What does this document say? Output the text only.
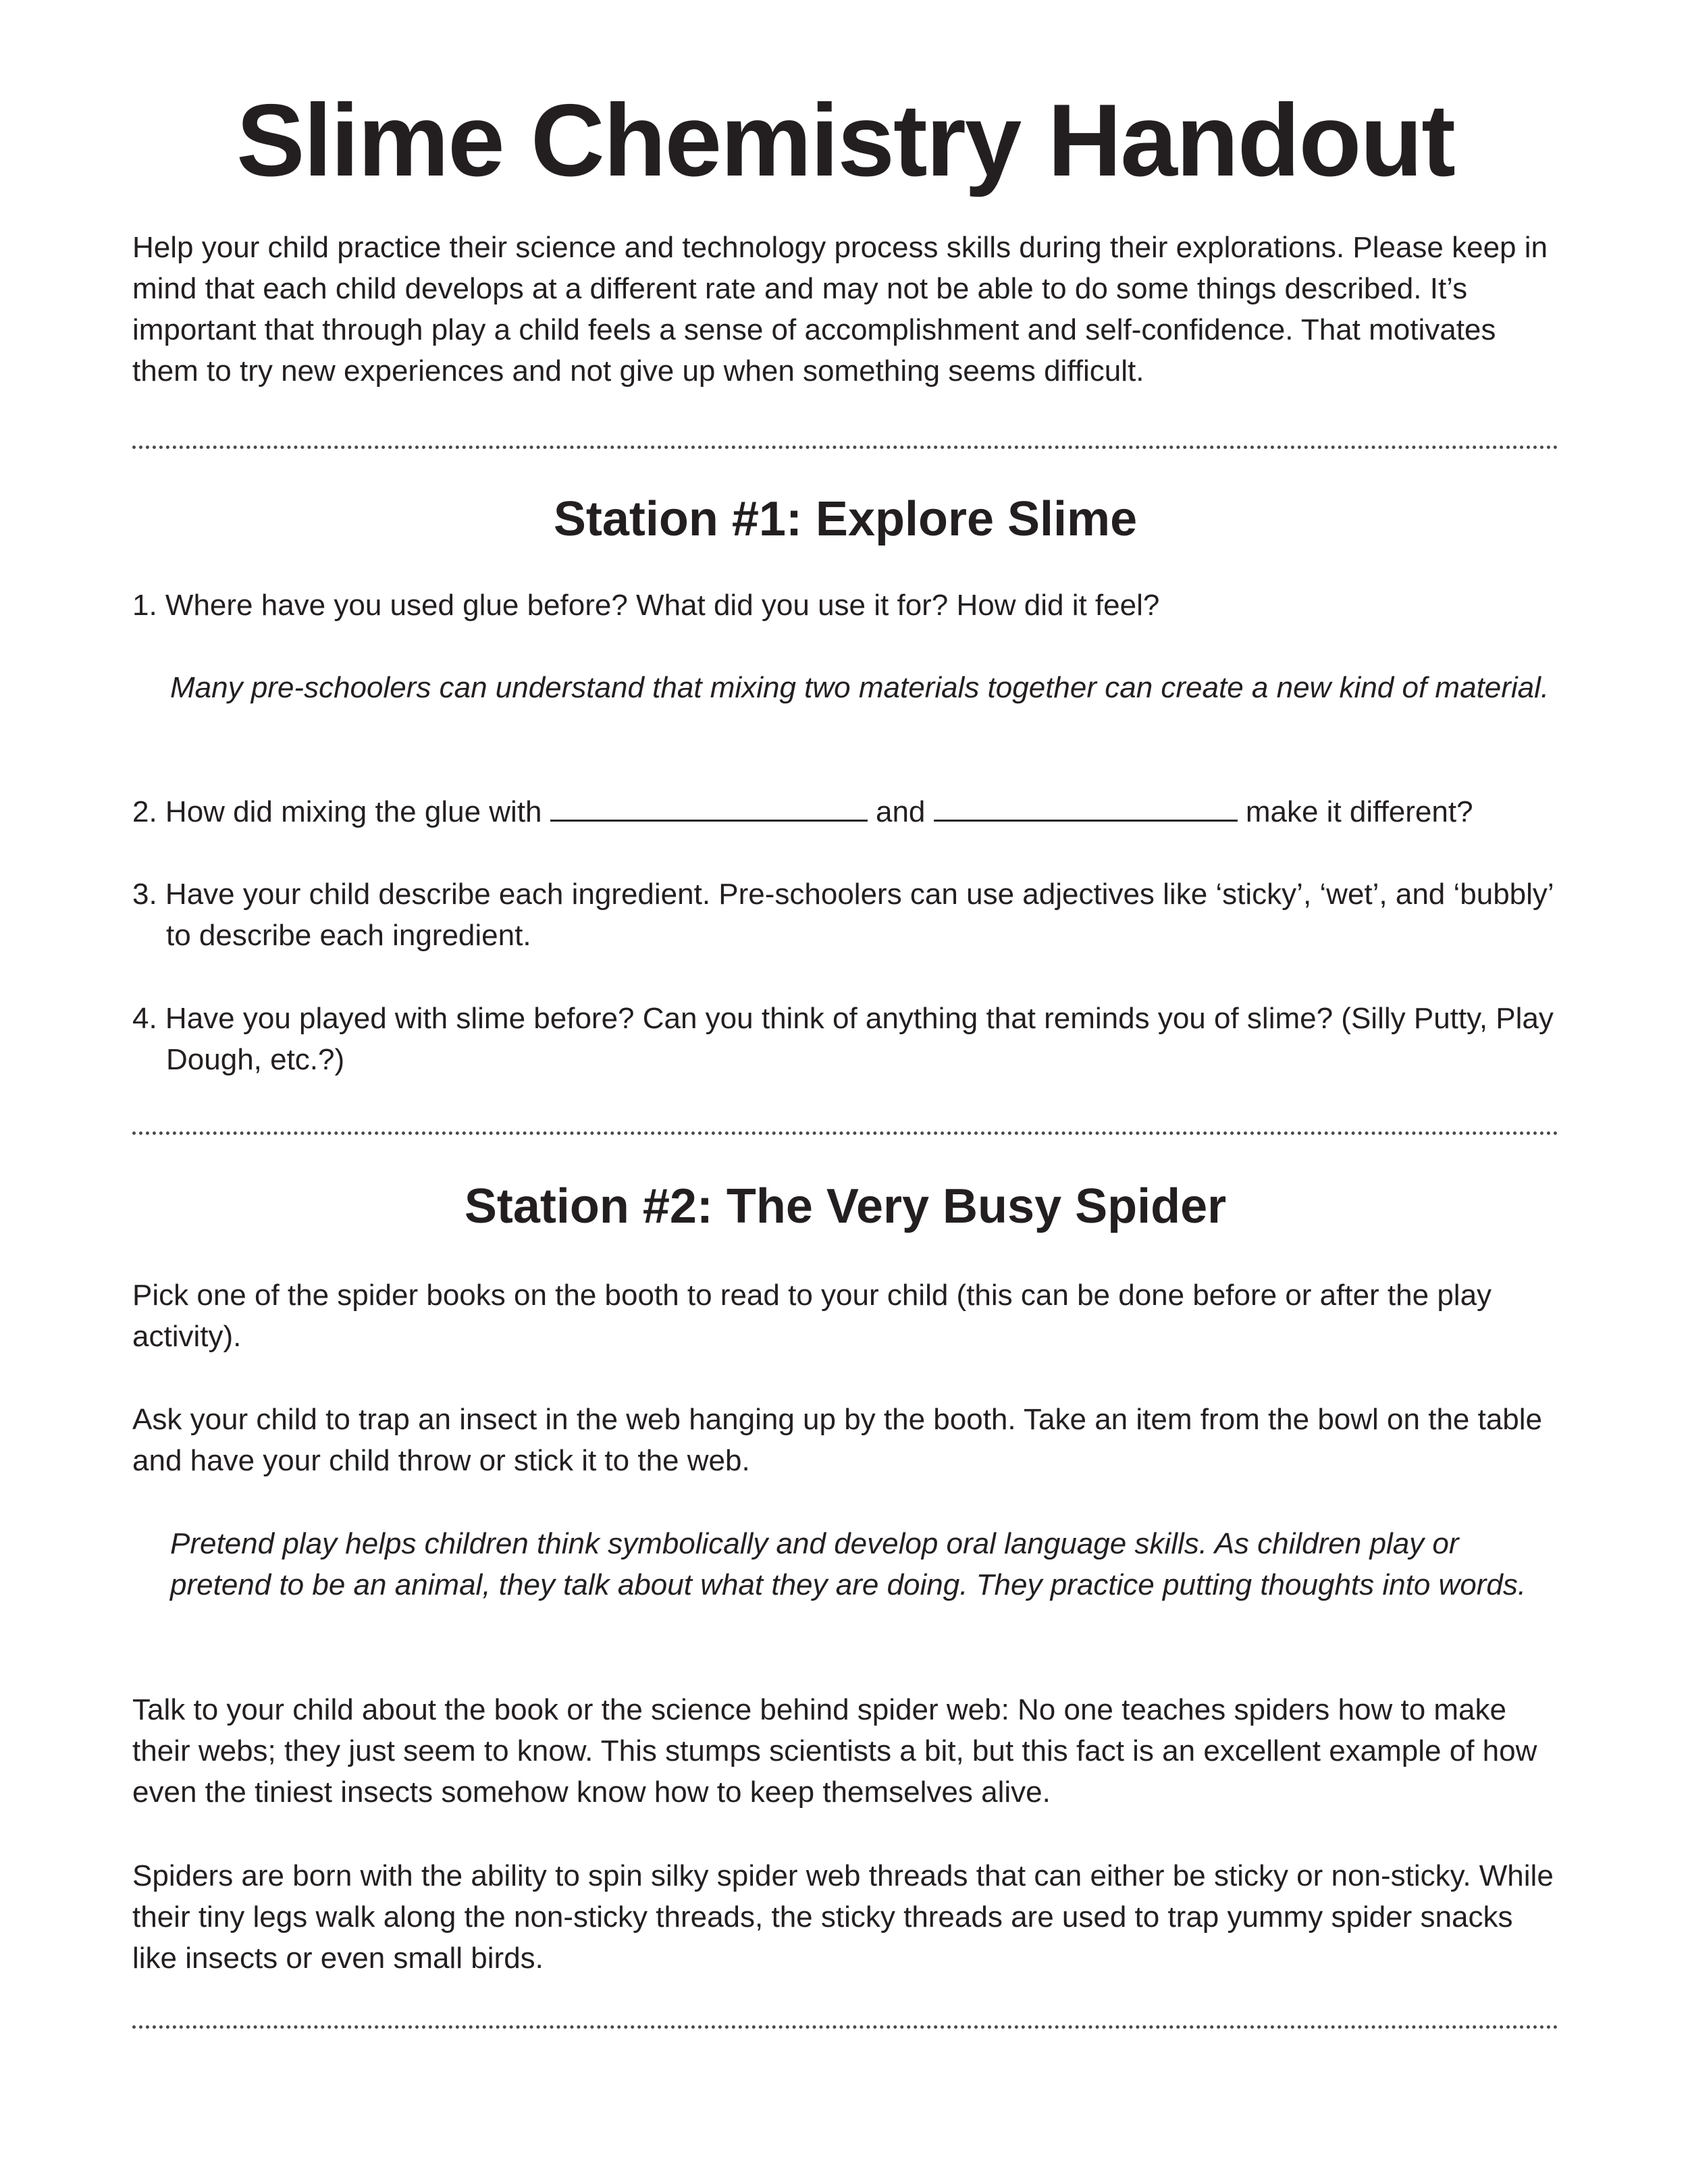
Slime Chemistry Handout

Help your child practice their science and technology process skills during their explorations. Please keep in mind that each child develops at a different rate and may not be able to do some things described. It’s important that through play a child feels a sense of accomplishment and self-confidence. That motivates them to try new experiences and not give up when something seems difficult.

Station #1: Explore Slime

1. Where have you used glue before? What did you use it for? How did it feel?

Many pre-schoolers can understand that mixing two materials together can create a new kind of material.

2. How did mixing the glue with	and	make it different?

3. Have your child describe each ingredient. Pre-schoolers can use adjectives like ‘sticky’, ‘wet’, and ‘bubbly’ to describe each ingredient.

4. Have you played with slime before? Can you think of anything that reminds you of slime? (Silly Putty, Play Dough, etc.?)

Station #2: The Very Busy Spider

Pick one of the spider books on the booth to read to your child (this can be done before or after the play activity).

Ask your child to trap an insect in the web hanging up by the booth. Take an item from the bowl on the table and have your child throw or stick it to the web.

Pretend play helps children think symbolically and develop oral language skills. As children play or pretend to be an animal, they talk about what they are doing. They practice putting thoughts into words.

Talk to your child about the book or the science behind spider web: No one teaches spiders how to make their webs; they just seem to know. This stumps scientists a bit, but this fact is an excellent example of how even the tiniest insects somehow know how to keep themselves alive.

Spiders are born with the ability to spin silky spider web threads that can either be sticky or non-sticky. While their tiny legs walk along the non-sticky threads, the sticky threads are used to trap yummy spider snacks like insects or even small birds.
